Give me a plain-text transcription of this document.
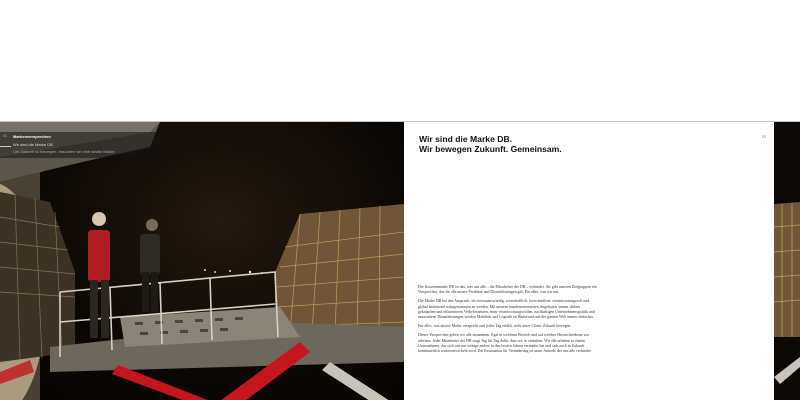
01 Markenversprechen
Wir sind die Marke DB
Um Zukunft zu bewegen, brauchen wir eine starke Marke.
03
Wir sind die Marke DB.
Wir bewegen Zukunft. Gemeinsam.

Die Konzernmarke DB ist das, was uns alle – die Mitarbeiter der DB – verbindet. Sie gibt unseren Zielgruppen ein Versprechen, das für alle unsere Produkte und Dienstleistungen gilt. Für alles, was wir tun.

Die Marke DB hat den Anspruch, als vertrauenswürdig, wirtschaftlich, fortschrittlich, verantwortungsvoll und global bedeutend wahrgenommen zu werden. Mit unseren kundenorientierten Angeboten, immer dichter geknüpften und effizienteren Verkehrsnetzen, einer verantwortungsvollen, nachhaltigen Unternehmenspolitik und innovativen Dienstleistungen werden Mobilität und Logistik zu Hause und auf der ganzen Welt immer einfacher.

Für alles, was unsere Marke verspricht und jeden Tag erfüllt, steht unser Claim: Zukunft bewegen.

Dieses Versprechen geben wir alle zusammen. Egal in welchem Bereich und auf welcher Hierarchieebene wir arbeiten. Jeder Mitarbeiter der DB sorgt Tag für Tag dafür, dass wir es einhalten. Wir alle arbeiten in einem Unternehmen, das sich wie nur wenige andere in den letzten Jahren verändert hat und sich auch in Zukunft kontinuierlich weiterentwickeln wird. Die Faszination für Veränderung ist unser Antrieb, der uns alle verbindet.
